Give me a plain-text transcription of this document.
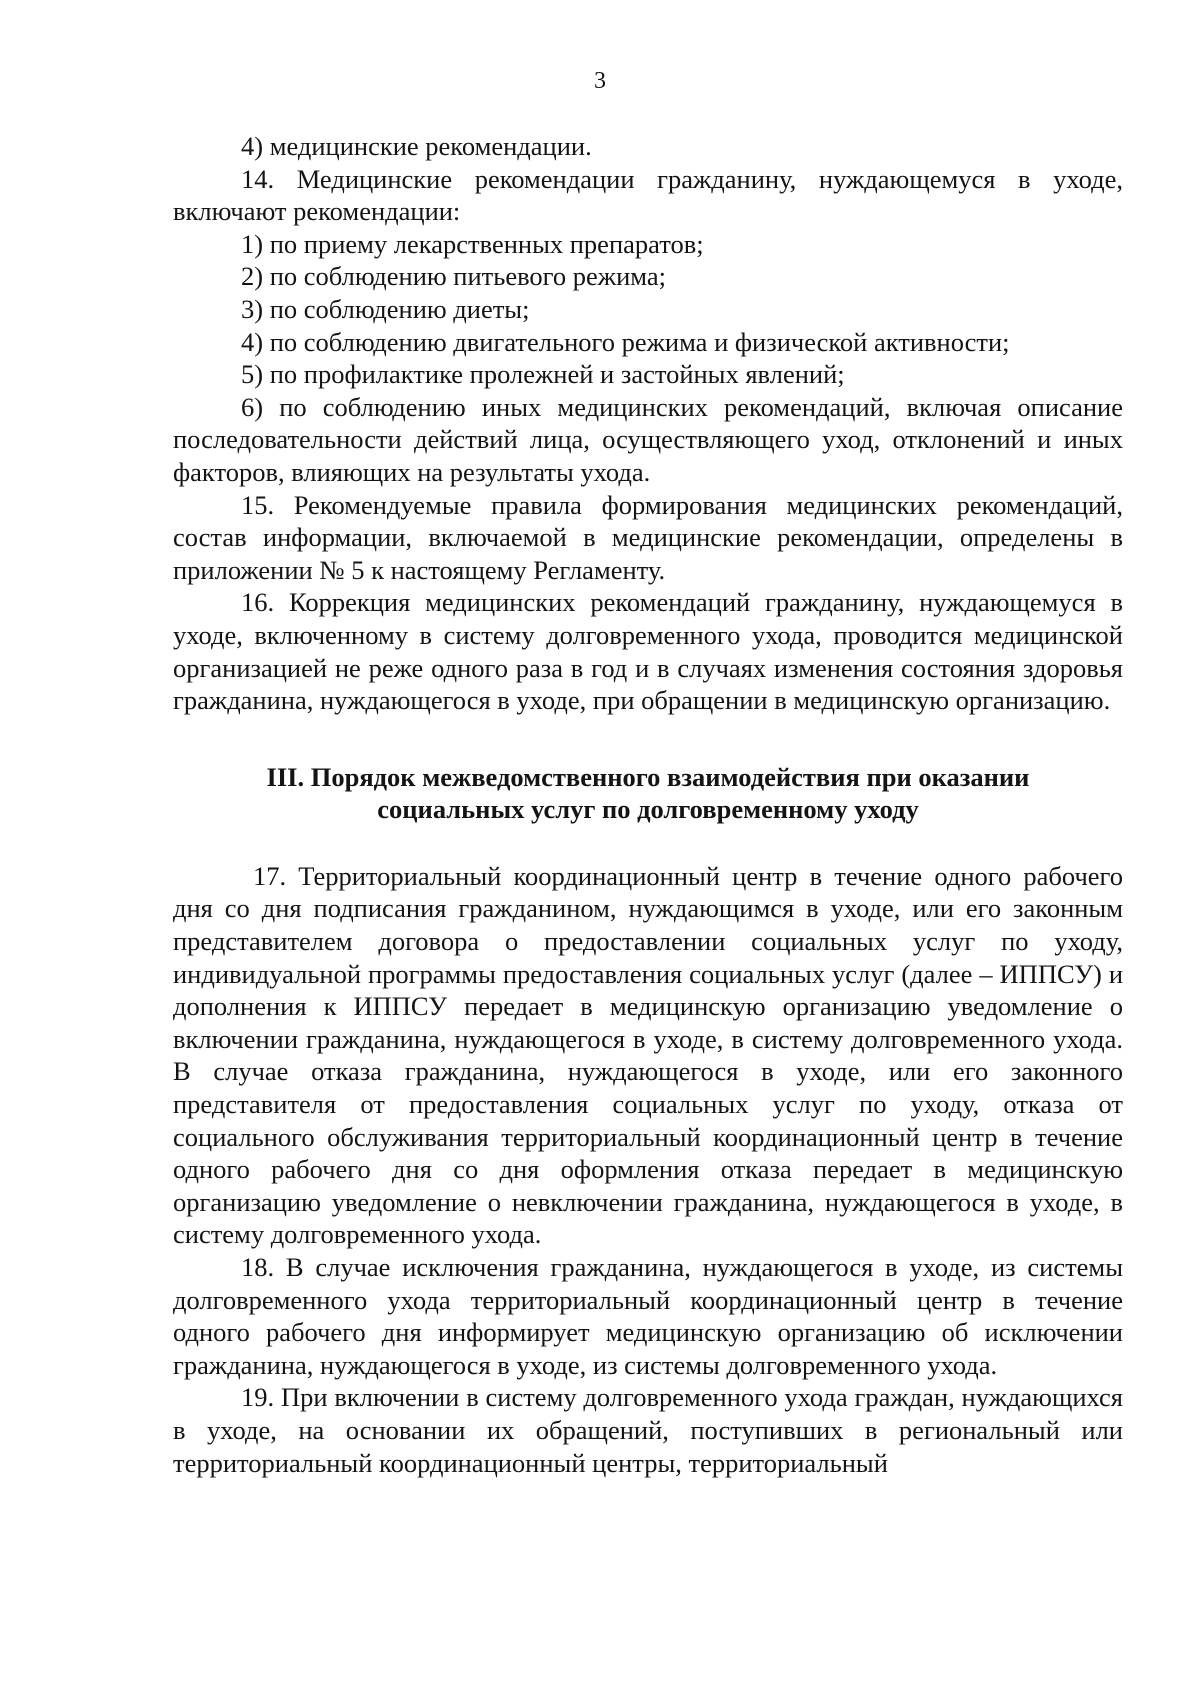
3

4) медицинские рекомендации.

14. Медицинские рекомендации гражданину, нуждающемуся в уходе, включают рекомендации:

1) по приему лекарственных препаратов;

2) по соблюдению питьевого режима;

3) по соблюдению диеты;

4) по соблюдению двигательного режима и физической активности;

5) по профилактике пролежней и застойных явлений;

6) по соблюдению иных медицинских рекомендаций, включая описание последовательности действий лица, осуществляющего уход, отклонений и иных факторов, влияющих на результаты ухода.

15. Рекомендуемые правила формирования медицинских рекомендаций, состав информации, включаемой в медицинские рекомендации, определены в приложении № 5 к настоящему Регламенту.

16. Коррекция медицинских рекомендаций гражданину, нуждающемуся в уходе, включенному в систему долговременного ухода, проводится медицинской организацией не реже одного раза в год и в случаях изменения состояния здоровья гражданина, нуждающегося в уходе, при обращении в медицинскую организацию.

III. Порядок межведомственного взаимодействия при оказании
социальных услуг по долговременному уходу

17. Территориальный координационный центр в течение одного рабочего дня со дня подписания гражданином, нуждающимся в уходе, или его законным представителем договора о предоставлении социальных услуг по уходу, индивидуальной программы предоставления социальных услуг (далее – ИППСУ) и дополнения к ИППСУ передает в медицинскую организацию уведомление о включении гражданина, нуждающегося в уходе, в систему долговременного ухода. В случае отказа гражданина, нуждающегося в уходе, или его законного представителя от предоставления социальных услуг по уходу, отказа от социального обслуживания территориальный координационный центр в течение одного рабочего дня со дня оформления отказа передает в медицинскую организацию уведомление о невключении гражданина, нуждающегося в уходе, в систему долговременного ухода.

18. В случае исключения гражданина, нуждающегося в уходе, из системы долговременного ухода территориальный координационный центр в течение одного рабочего дня информирует медицинскую организацию об исключении гражданина, нуждающегося в уходе, из системы долговременного ухода.

19. При включении в систему долговременного ухода граждан, нуждающихся в уходе, на основании их обращений, поступивших в региональный или территориальный координационный центры, территориальный
